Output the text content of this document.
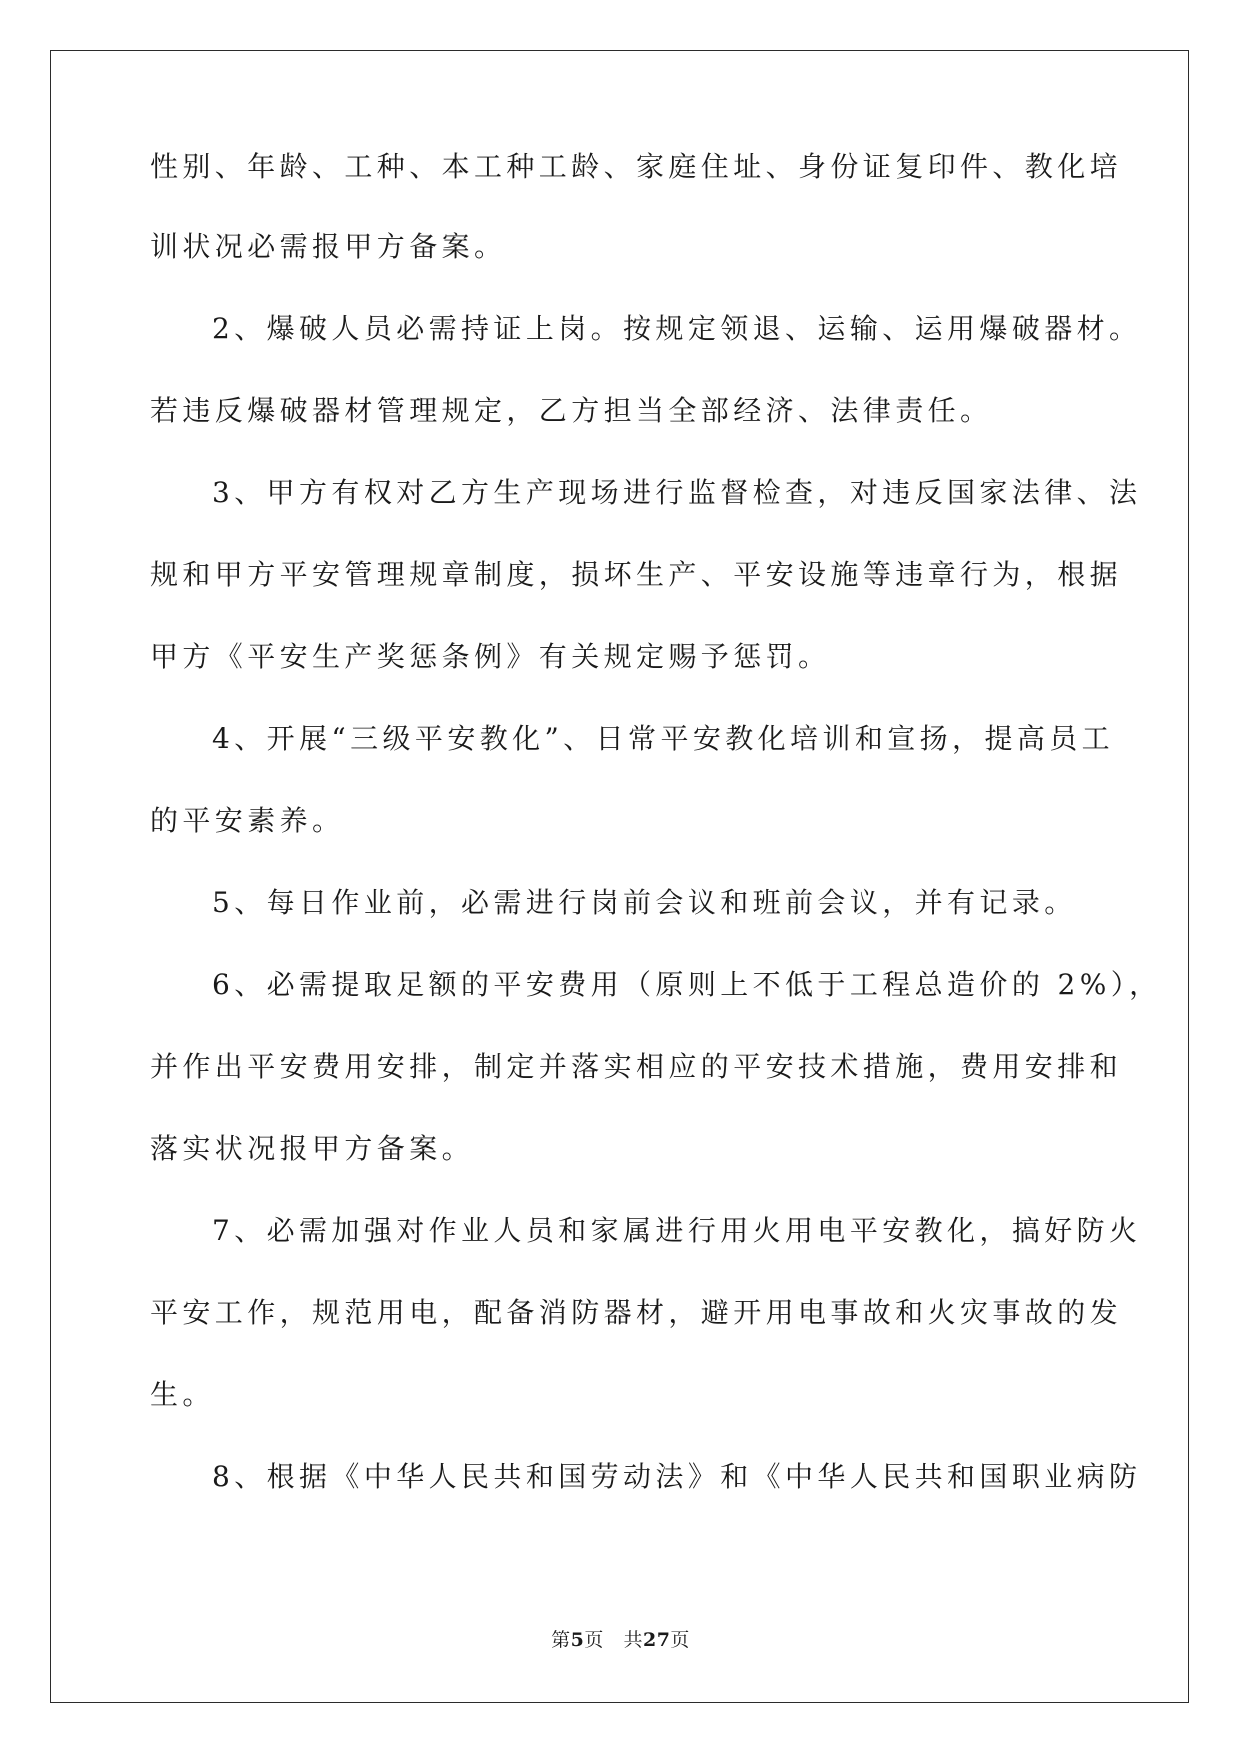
性别、年龄、工种、本工种工龄、家庭住址、身份证复印件、教化培

训状况必需报甲方备案。

2、爆破人员必需持证上岗。按规定领退、运输、运用爆破器材。

若违反爆破器材管理规定，乙方担当全部经济、法律责任。

3、甲方有权对乙方生产现场进行监督检查，对违反国家法律、法

规和甲方平安管理规章制度，损坏生产、平安设施等违章行为，根据

甲方《平安生产奖惩条例》有关规定赐予惩罚。

4、开展“三级平安教化”、日常平安教化培训和宣扬，提高员工

的平安素养。

5、每日作业前，必需进行岗前会议和班前会议，并有记录。

6、必需提取足额的平安费用（原则上不低于工程总造价的 2%），

并作出平安费用安排，制定并落实相应的平安技术措施，费用安排和

落实状况报甲方备案。

7、必需加强对作业人员和家属进行用火用电平安教化，搞好防火

平安工作，规范用电，配备消防器材，避开用电事故和火灾事故的发

生。

8、根据《中华人民共和国劳动法》和《中华人民共和国职业病防

第5页 共27页
